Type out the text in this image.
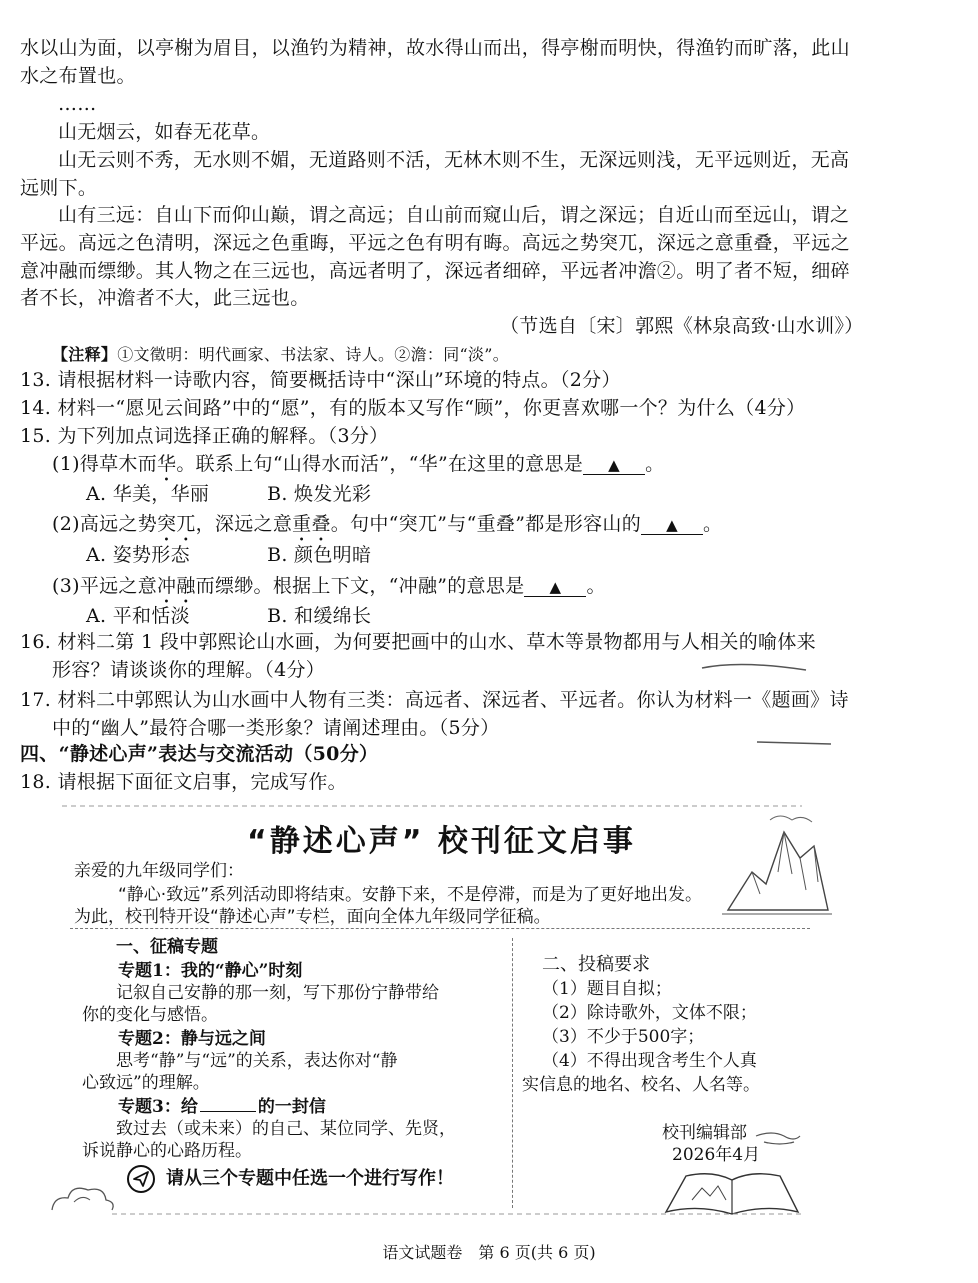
水以山为面，以亭榭为眉目，以渔钓为精神，故水得山而出，得亭榭而明快，得渔钓而旷落，此山
水之布置也。
……
山无烟云，如春无花草。
山无云则不秀，无水则不媚，无道路则不活，无林木则不生，无深远则浅，无平远则近，无高
远则下。
山有三远：自山下而仰山巅，谓之高远；自山前而窥山后，谓之深远；自近山而至远山，谓之
平远。高远之色清明，深远之色重晦，平远之色有明有晦。高远之势突兀，深远之意重叠，平远之
意冲融而缥缈。其人物之在三远也，高远者明了，深远者细碎，平远者冲澹②。明了者不短，细碎
者不长，冲澹者不大，此三远也。
（节选自〔宋〕郭熙《林泉高致·山水训》）
【注释】①文徵明：明代画家、书法家、诗人。②澹：同“淡”。
13. 请根据材料一诗歌内容，简要概括诗中“深山”环境的特点。（2分）
14. 材料一“愿见云间路”中的“愿”，有的版本又写作“顾”，你更喜欢哪一个？为什么（4分）
15. 为下列加点词选择正确的解释。（3分）
(1)得草木而华。联系上句“山得水而活”，“华”在这里的意思是 ▲ 。
A. 华美，华丽　　　B. 焕发光彩
(2)高远之势突兀，深远之意重叠。句中“突兀”与“重叠”都是形容山的 ▲ 。
A. 姿势形态　　　　B. 颜色明暗
(3)平远之意冲融而缥缈。根据上下文，“冲融”的意思是 ▲ 。
A. 平和恬淡　　　　B. 和缓绵长
16. 材料二第 1 段中郭熙论山水画，为何要把画中的山水、草木等景物都用与人相关的喻体来
形容？请谈谈你的理解。（4分）
17. 材料二中郭熙认为山水画中人物有三类：高远者、深远者、平远者。你认为材料一《题画》诗
中的“幽人”最符合哪一类形象？请阐述理由。（5分）
四、“静述心声”表达与交流活动（50分）
18. 请根据下面征文启事，完成写作。
“静述心声” 校刊征文启事
亲爱的九年级同学们：
“静心·致远”系列活动即将结束。安静下来，不是停滞，而是为了更好地出发。
为此，校刊特开设“静述心声”专栏，面向全体九年级同学征稿。
一、征稿专题
专题1：我的“静心”时刻
记叙自己安静的那一刻，写下那份宁静带给
你的变化与感悟。
专题2：静与远之间
思考“静”与“远”的关系，表达你对“静
心致远”的理解。
专题3：给	的一封信
致过去（或未来）的自己、某位同学、先贤，
诉说静心的心路历程。
请从三个专题中任选一个进行写作！
二、投稿要求
（1）题目自拟；
（2）除诗歌外，文体不限；
（3）不少于500字；
（4）不得出现含考生个人真
实信息的地名、校名、人名等。
校刊编辑部
2026年4月
语文试题卷　第 6 页(共 6 页)
